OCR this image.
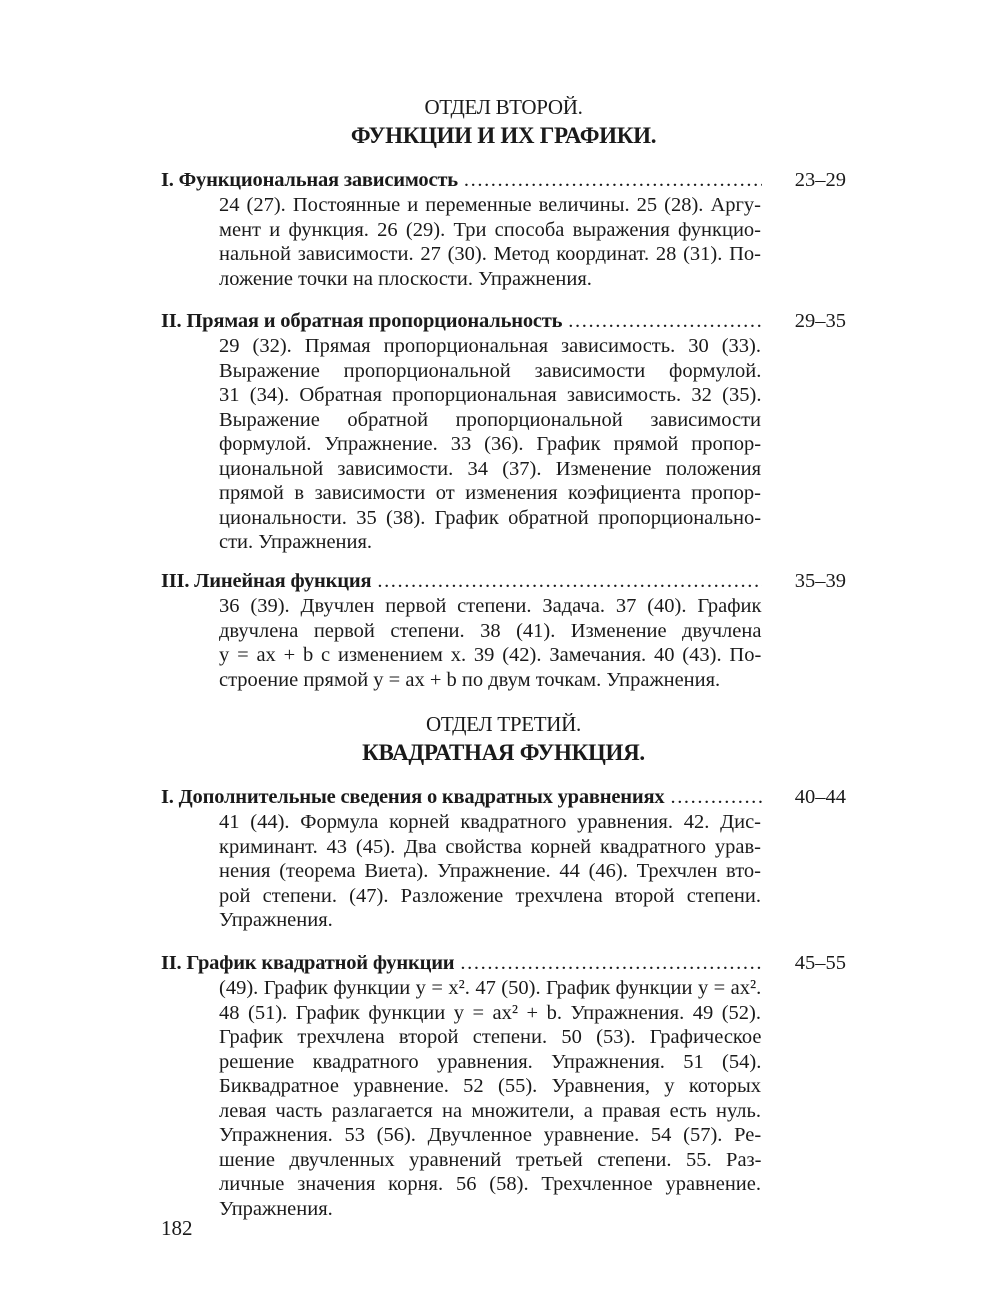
ОТДЕЛ ВТОРОЙ.
ФУНКЦИИ И ИХ ГРАФИКИ.
I. Функциональная зависимость .....	23–29
24 (27). Постоянные и переменные величины. 25 (28). Аргу-
мент и функция. 26 (29). Три способа выражения функцио-
нальной зависимости. 27 (30). Метод координат. 28 (31). По-
ложение точки на плоскости. Упражнения.
II. Прямая и обратная пропорциональность .....	29–35
29 (32). Прямая пропорциональная зависимость. 30 (33).
Выражение пропорциональной зависимости формулой.
31 (34). Обратная пропорциональная зависимость. 32 (35).
Выражение обратной пропорциональной зависимости
формулой. Упражнение. 33 (36). График прямой пропор-
циональной зависимости. 34 (37). Изменение положения
прямой в зависимости от изменения коэфициента пропор-
циональности. 35 (38). График обратной пропорционально-
сти. Упражнения.
III. Линейная функция .....	35–39
36 (39). Двучлен первой степени. Задача. 37 (40). График
двучлена первой степени. 38 (41). Изменение двучлена
y = ax + b с изменением x. 39 (42). Замечания. 40 (43). По-
строение прямой y = ax + b по двум точкам. Упражнения.
ОТДЕЛ ТРЕТИЙ.
КВАДРАТНАЯ ФУНКЦИЯ.
I. Дополнительные сведения о квадратных уравнениях .....	40–44
41 (44). Формула корней квадратного уравнения. 42. Дис-
криминант. 43 (45). Два свойства корней квадратного урав-
нения (теорема Виета). Упражнение. 44 (46). Трехчлен вто-
рой степени. (47). Разложение трехчлена второй степени.
Упражнения.
II. График квадратной функции .....	45–55
(49). График функции y = x². 47 (50). График функции y = ax².
48 (51). График функции y = ax² + b. Упражнения. 49 (52).
График трехчлена второй степени. 50 (53). Графическое
решение квадратного уравнения. Упражнения. 51 (54).
Биквадратное уравнение. 52 (55). Уравнения, у которых
левая часть разлагается на множители, а правая есть нуль.
Упражнения. 53 (56). Двучленное уравнение. 54 (57). Ре-
шение двучленных уравнений третьей степени. 55. Раз-
личные значения корня. 56 (58). Трехчленное уравнение.
Упражнения.
182
